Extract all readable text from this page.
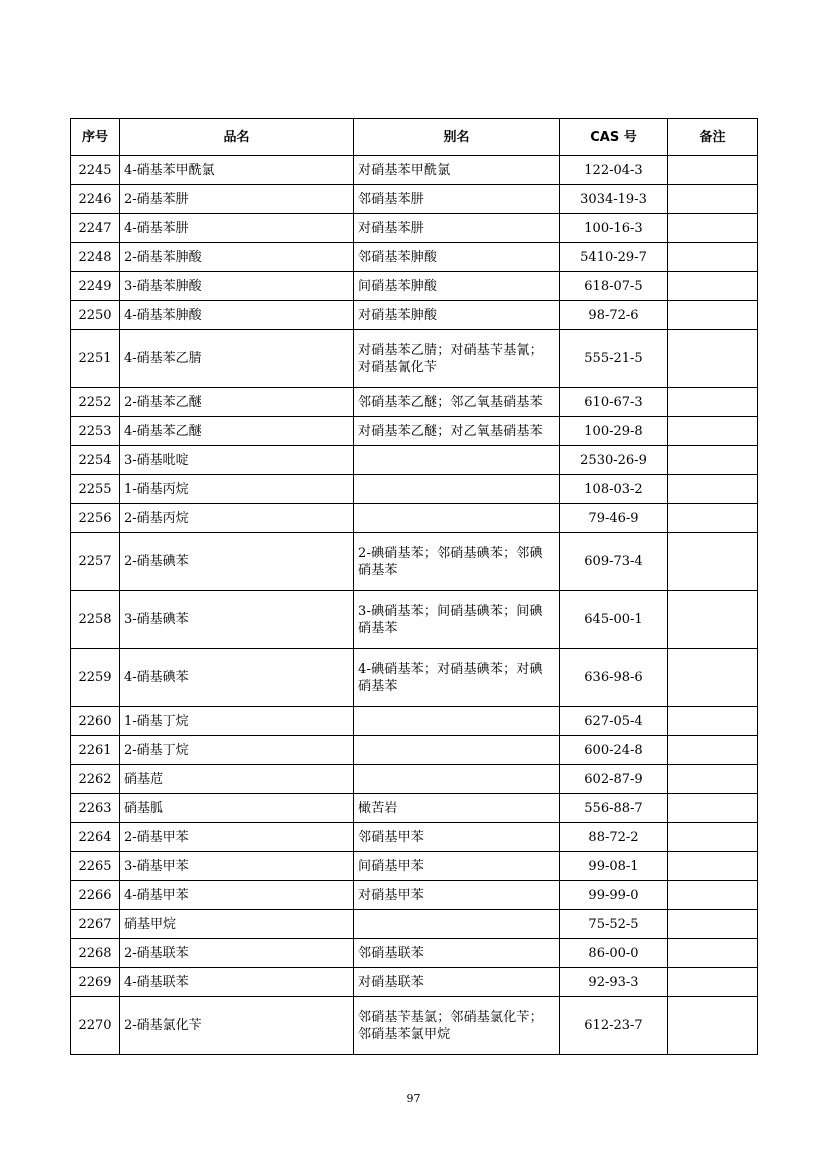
序号	品名	别名	CAS 号	备注
2245	4-硝基苯甲酰氯	对硝基苯甲酰氯	122-04-3	
2246	2-硝基苯肼	邻硝基苯肼	3034-19-3	
2247	4-硝基苯肼	对硝基苯肼	100-16-3	
2248	2-硝基苯胂酸	邻硝基苯胂酸	5410-29-7	
2249	3-硝基苯胂酸	间硝基苯胂酸	618-07-5	
2250	4-硝基苯胂酸	对硝基苯胂酸	98-72-6	
2251	4-硝基苯乙腈	对硝基苯乙腈；对硝基苄基氰；对硝基氰化苄	555-21-5	
2252	2-硝基苯乙醚	邻硝基苯乙醚；邻乙氧基硝基苯	610-67-3	
2253	4-硝基苯乙醚	对硝基苯乙醚；对乙氧基硝基苯	100-29-8	
2254	3-硝基吡啶		2530-26-9	
2255	1-硝基丙烷		108-03-2	
2256	2-硝基丙烷		79-46-9	
2257	2-硝基碘苯	2-碘硝基苯；邻硝基碘苯；邻碘硝基苯	609-73-4	
2258	3-硝基碘苯	3-碘硝基苯；间硝基碘苯；间碘硝基苯	645-00-1	
2259	4-硝基碘苯	4-碘硝基苯；对硝基碘苯；对碘硝基苯	636-98-6	
2260	1-硝基丁烷		627-05-4	
2261	2-硝基丁烷		600-24-8	
2262	硝基苊		602-87-9	
2263	硝基胍	橄苦岩	556-88-7	
2264	2-硝基甲苯	邻硝基甲苯	88-72-2	
2265	3-硝基甲苯	间硝基甲苯	99-08-1	
2266	4-硝基甲苯	对硝基甲苯	99-99-0	
2267	硝基甲烷		75-52-5	
2268	2-硝基联苯	邻硝基联苯	86-00-0	
2269	4-硝基联苯	对硝基联苯	92-93-3	
2270	2-硝基氯化苄	邻硝基苄基氯；邻硝基氯化苄；邻硝基苯氯甲烷	612-23-7	
97
